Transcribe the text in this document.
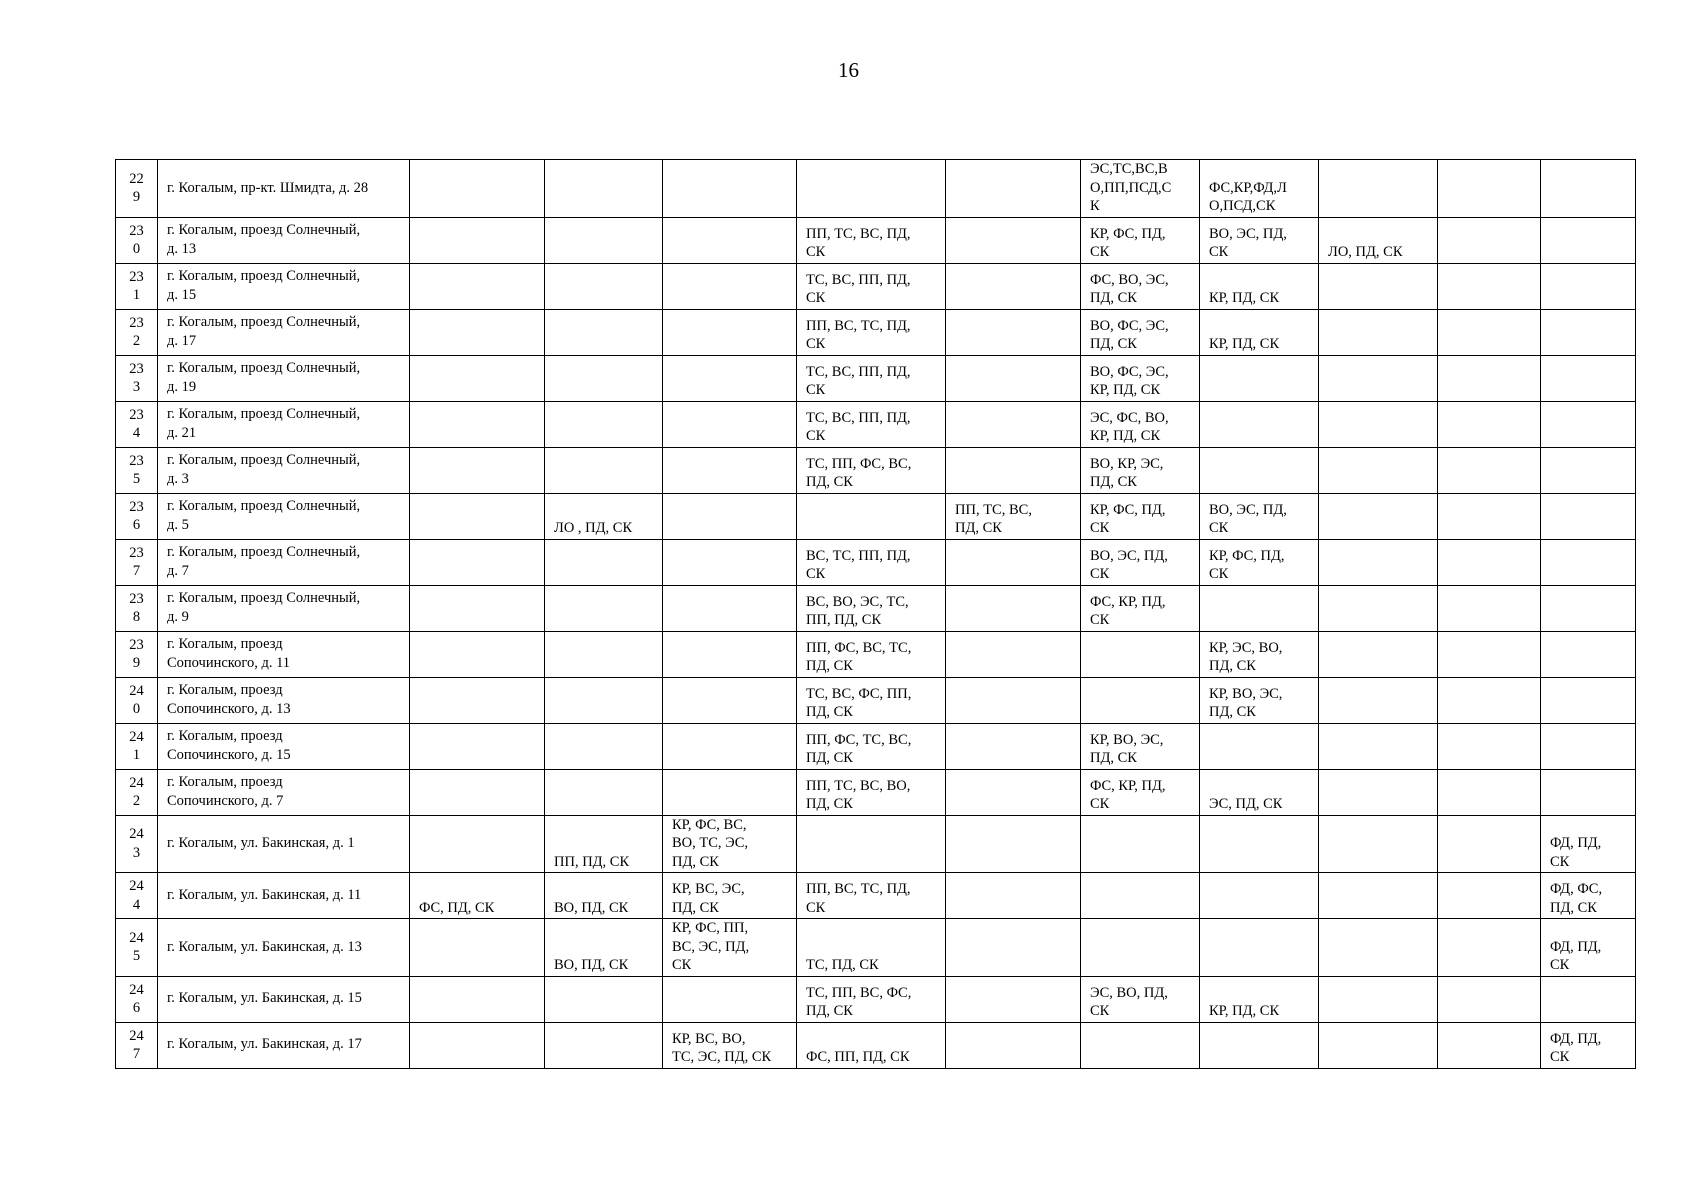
16
22
9	г. Когалым, пр-кт. Шмидта, д. 28						ЭС,ТС,ВС,В
О,ПП,ПСД,С
К	ФС,КР,ФД,Л
О,ПСД,СК			
23
0	г. Когалым, проезд Солнечный,
д. 13				ПП, ТС, ВС, ПД,
СК		КР, ФС, ПД,
СК	ВО, ЭС, ПД,
СК	ЛО, ПД, СК		
23
1	г. Когалым, проезд Солнечный,
д. 15				ТС, ВС, ПП, ПД,
СК		ФС, ВО, ЭС,
ПД, СК	КР, ПД, СК			
23
2	г. Когалым, проезд Солнечный,
д. 17				ПП, ВС, ТС, ПД,
СК		ВО, ФС, ЭС,
ПД, СК	КР, ПД, СК			
23
3	г. Когалым, проезд Солнечный,
д. 19				ТС, ВС, ПП, ПД,
СК		ВО, ФС, ЭС,
КР, ПД, СК				
23
4	г. Когалым, проезд Солнечный,
д. 21				ТС, ВС, ПП, ПД,
СК		ЭС, ФС, ВО,
КР, ПД, СК				
23
5	г. Когалым, проезд Солнечный,
д. 3				ТС, ПП, ФС, ВС,
ПД, СК		ВО, КР, ЭС,
ПД, СК				
23
6	г. Когалым, проезд Солнечный,
д. 5		ЛО , ПД, СК			ПП, ТС, ВС,
ПД, СК	КР, ФС, ПД,
СК	ВО, ЭС, ПД,
СК			
23
7	г. Когалым, проезд Солнечный,
д. 7				ВС, ТС, ПП, ПД,
СК		ВО, ЭС, ПД,
СК	КР, ФС, ПД,
СК			
23
8	г. Когалым, проезд Солнечный,
д. 9				ВС, ВО, ЭС, ТС,
ПП, ПД, СК		ФС, КР, ПД,
СК				
23
9	г. Когалым, проезд
Сопочинского, д. 11				ПП, ФС, ВС, ТС,
ПД, СК			КР, ЭС, ВО,
ПД, СК			
24
0	г. Когалым, проезд
Сопочинского, д. 13				ТС, ВС, ФС, ПП,
ПД, СК			КР, ВО, ЭС,
ПД, СК			
24
1	г. Когалым, проезд
Сопочинского, д. 15				ПП, ФС, ТС, ВС,
ПД, СК		КР, ВО, ЭС,
ПД, СК				
24
2	г. Когалым, проезд
Сопочинского, д. 7				ПП, ТС, ВС, ВО,
ПД, СК		ФС, КР, ПД,
СК	ЭС, ПД, СК			
24
3	г. Когалым, ул. Бакинская, д. 1		ПП, ПД, СК	КР, ФС, ВС,
ВО, ТС, ЭС,
ПД, СК							ФД, ПД,
СК
24
4	г. Когалым, ул. Бакинская, д. 11	ФС, ПД, СК	ВО, ПД, СК	КР, ВС, ЭС,
ПД, СК	ПП, ВС, ТС, ПД,
СК						ФД, ФС,
ПД, СК
24
5	г. Когалым, ул. Бакинская, д. 13		ВО, ПД, СК	КР, ФС, ПП,
ВС, ЭС, ПД,
СК	ТС, ПД, СК						ФД, ПД,
СК
24
6	г. Когалым, ул. Бакинская, д. 15				ТС, ПП, ВС, ФС,
ПД, СК		ЭС, ВО, ПД,
СК	КР, ПД, СК			
24
7	г. Когалым, ул. Бакинская, д. 17			КР, ВС, ВО,
ТС, ЭС, ПД, СК	ФС, ПП, ПД, СК						ФД, ПД,
СК
